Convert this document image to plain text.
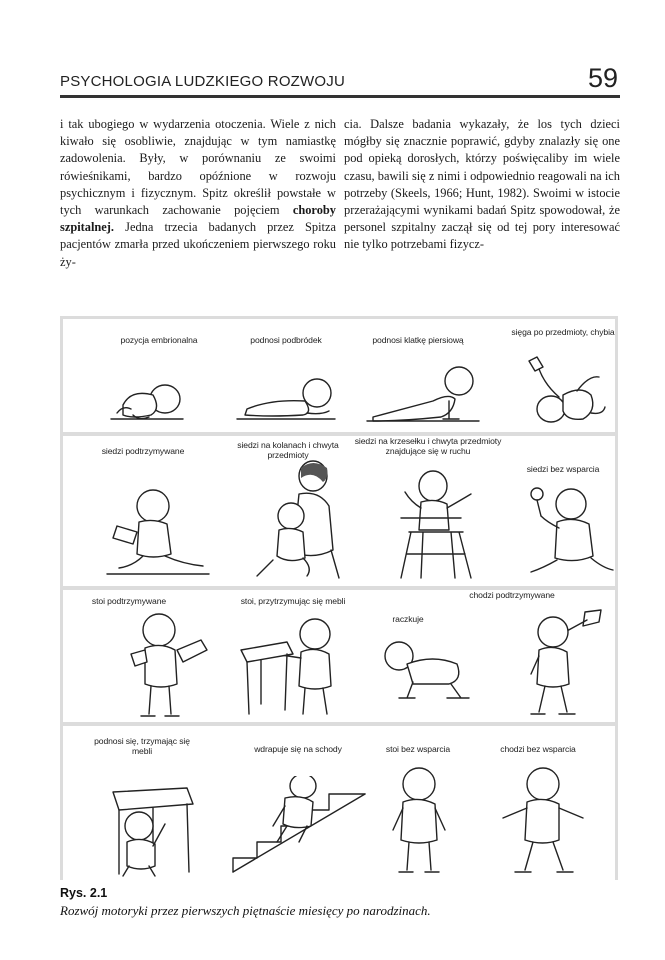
PSYCHOLOGIA LUDZKIEGO ROZWOJU	59

i tak ubogiego w wydarzenia otoczenia. Wiele z nich kiwało się osobliwie, znajdując w tym namiastkę zadowolenia. Były, w porównaniu ze swoimi rówieśnikami, bardzo opóźnione w rozwoju psychicznym i fizycznym. Spitz określił powstałe w tych warunkach zachowanie pojęciem choroby szpitalnej. Jedna trzecia badanych przez Spitza pacjentów zmarła przed ukończeniem pierwszego roku ży-

cia. Dalsze badania wykazały, że los tych dzieci mógłby się znacznie poprawić, gdyby znalazły się one pod opieką dorosłych, którzy poświęcaliby im wiele czasu, bawili się z nimi i odpowiednio reagowali na ich potrzeby (Skeels, 1966; Hunt, 1982). Swoimi w istocie przerażającymi wynikami badań Spitz spowodował, że personel szpitalny zaczął się od tej pory interesować nie tylko potrzebami fizycz-

pozycja embrionalna	podnosi podbródek	podnosi klatkę piersiową
sięga po przedmioty, chybia
siedzi podtrzymywane
siedzi na kolanach i chwyta przedmioty
siedzi na krzesełku i chwyta przedmioty znajdujące się w ruchu
siedzi bez wsparcia
stoi podtrzymywane	stoi, przytrzymując się mebli
raczkuje
chodzi podtrzymywane
podnosi się, trzymając się mebli	wdrapuje się na schody	stoi bez wsparcia	chodzi bez wsparcia
Rys. 2.1
Rozwój motoryki przez pierwszych piętnaście miesięcy po narodzinach.
